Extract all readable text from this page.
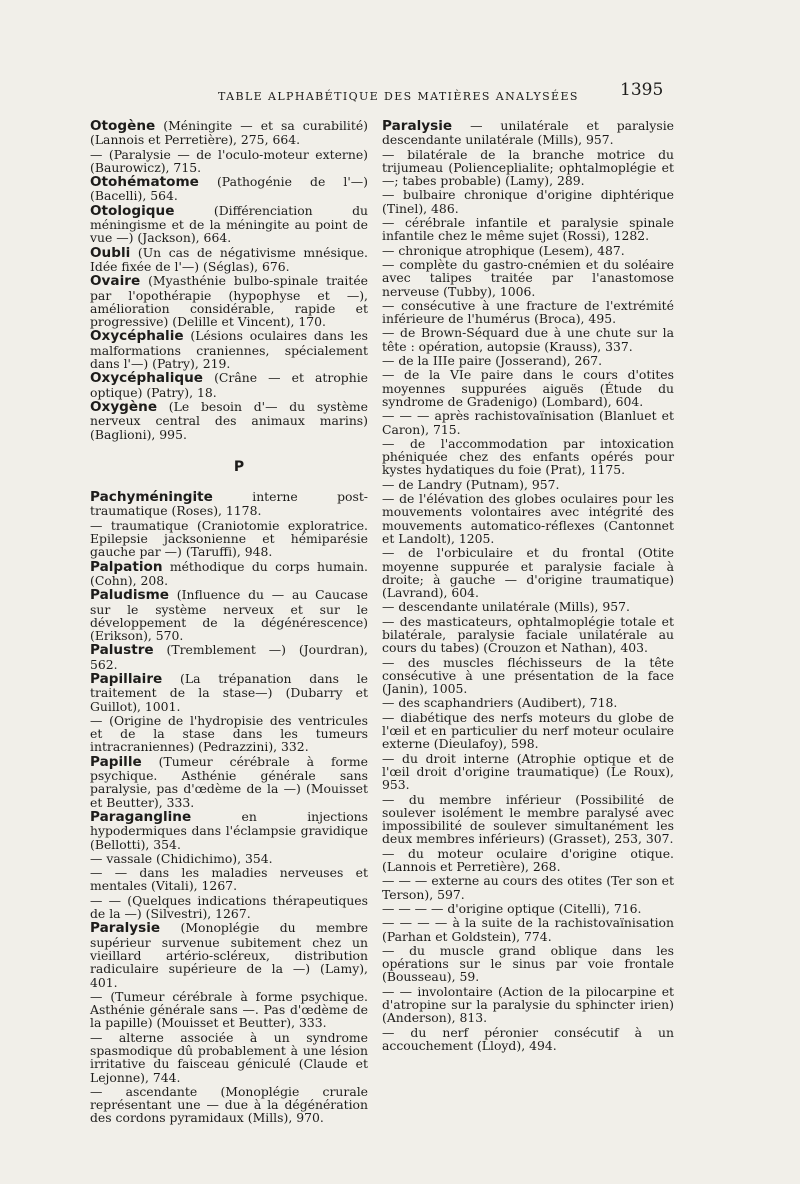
TABLE ALPHABÉTIQUE DES MATIÈRES ANALYSÉES 1395
Otogène (Méningite — et sa curabilité) (Lannois et Perretière), 275, 664.
— (Paralysie — de l'oculo-moteur externe) (Baurowicz), 715.
Otohématome (Pathogénie de l'—) (Bacelli), 564.
Otologique (Différenciation du méningisme et de la méningite au point de vue —) (Jackson), 664.
Oubli (Un cas de négativisme mnésique. Idée fixée de l'—) (Séglas), 676.
Ovaire (Myasthénie bulbo-spinale traitée par l'opothérapie (hypophyse et —), amélioration considérable, rapide et progressive) (Delille et Vincent), 170.
Oxycéphalie (Lésions oculaires dans les malformations craniennes, spécialement dans l'—) (Patry), 219.
Oxycéphalique (Crâne — et atrophie optique) (Patry), 18.
Oxygène (Le besoin d'— du système nerveux central des animaux marins) (Baglioni), 995.
P
Pachyméningite interne post-traumatique (Roses), 1178.
— traumatique (Craniotomie exploratrice. Epilepsie jacksonienne et hémiparésie gauche par —) (Taruffi), 948.
Palpation méthodique du corps humain. (Cohn), 208.
Paludisme (Influence du — au Caucase sur le système nerveux et sur le développement de la dégénérescence) (Erikson), 570.
Palustre (Tremblement —) (Jourdran), 562.
Papillaire (La trépanation dans le traitement de la stase—) (Dubarry et Guillot), 1001.
— (Origine de l'hydropisie des ventricules et de la stase dans les tumeurs intracraniennes) (Pedrazzini), 332.
Papille (Tumeur cérébrale à forme psychique. Asthénie générale sans paralysie, pas d'œdème de la —) (Mouisset et Beutter), 333.
Paragangline en injections hypodermiques dans l'éclampsie gravidique (Bellotti), 354.
— vassale (Chidichimo), 354.
— — dans les maladies nerveuses et mentales (Vitali), 1267.
— — (Quelques indications thérapeutiques de la —) (Silvestri), 1267.
Paralysie (Monoplégie du membre supérieur survenue subitement chez un vieillard artério-scléreux, distribution radiculaire supérieure de la —) (Lamy), 401.
— (Tumeur cérébrale à forme psychique. Asthénie générale sans —. Pas d'œdème de la papille) (Mouisset et Beutter), 333.
— alterne associée à un syndrome spasmodique dû probablement à une lésion irritative du faisceau géniculé (Claude et Lejonne), 744.
— ascendante (Monoplégie crurale représentant une — due à la dégénération des cordons pyramidaux (Mills), 970.
Paralysie — unilatérale et paralysie descendante unilatérale (Mills), 957.
— bilatérale de la branche motrice du trijumeau (Polienceplialite; ophtalmoplégie et —; tabes probable) (Lamy), 289.
— bulbaire chronique d'origine diphtérique (Tinel), 486.
— cérébrale infantile et paralysie spinale infantile chez le même sujet (Rossi), 1282.
— chronique atrophique (Lesem), 487.
— complète du gastro-cnémien et du soléaire avec talipes traitée par l'anastomose nerveuse (Tubby), 1006.
— consécutive à une fracture de l'extrémité inférieure de l'humérus (Broca), 495.
— de Brown-Séquard due à une chute sur la tête : opération, autopsie (Krauss), 337.
— de la IIIe paire (Josserand), 267.
— de la VIe paire dans le cours d'otites moyennes suppurées aiguës (Étude du syndrome de Gradenigo) (Lombard), 604.
— — — après rachistovaïnisation (Blanluet et Caron), 715.
— de l'accommodation par intoxication phéniquée chez des enfants opérés pour kystes hydatiques du foie (Prat), 1175.
— de Landry (Putnam), 957.
— de l'élévation des globes oculaires pour les mouvements volontaires avec intégrité des mouvements automatico-réflexes (Cantonnet et Landolt), 1205.
— de l'orbiculaire et du frontal (Otite moyenne suppurée et paralysie faciale à droite; à gauche — d'origine traumatique) (Lavrand), 604.
— descendante unilatérale (Mills), 957.
— des masticateurs, ophtalmoplégie totale et bilatérale, paralysie faciale unilatérale au cours du tabes) (Crouzon et Nathan), 403.
— des muscles fléchisseurs de la tête consécutive à une présentation de la face (Janin), 1005.
— des scaphandriers (Audibert), 718.
— diabétique des nerfs moteurs du globe de l'œil et en particulier du nerf moteur oculaire externe (Dieulafoy), 598.
— du droit interne (Atrophie optique et de l'œil droit d'origine traumatique) (Le Roux), 953.
— du membre inférieur (Possibilité de soulever isolément le membre paralysé avec impossibilité de soulever simultanément les deux membres inférieurs) (Grasset), 253, 307.
— du moteur oculaire d'origine otique. (Lannois et Perretière), 268.
— — — externe au cours des otites (Ter son et Terson), 597.
— — — — d'origine optique (Citelli), 716.
— — — — à la suite de la rachistovaïnisation (Parhan et Goldstein), 774.
— du muscle grand oblique dans les opérations sur le sinus par voie frontale (Bousseau), 59.
— — involontaire (Action de la pilocarpine et d'atropine sur la paralysie du sphincter irien) (Anderson), 813.
— du nerf péronier consécutif à un accouchement (Lloyd), 494.
